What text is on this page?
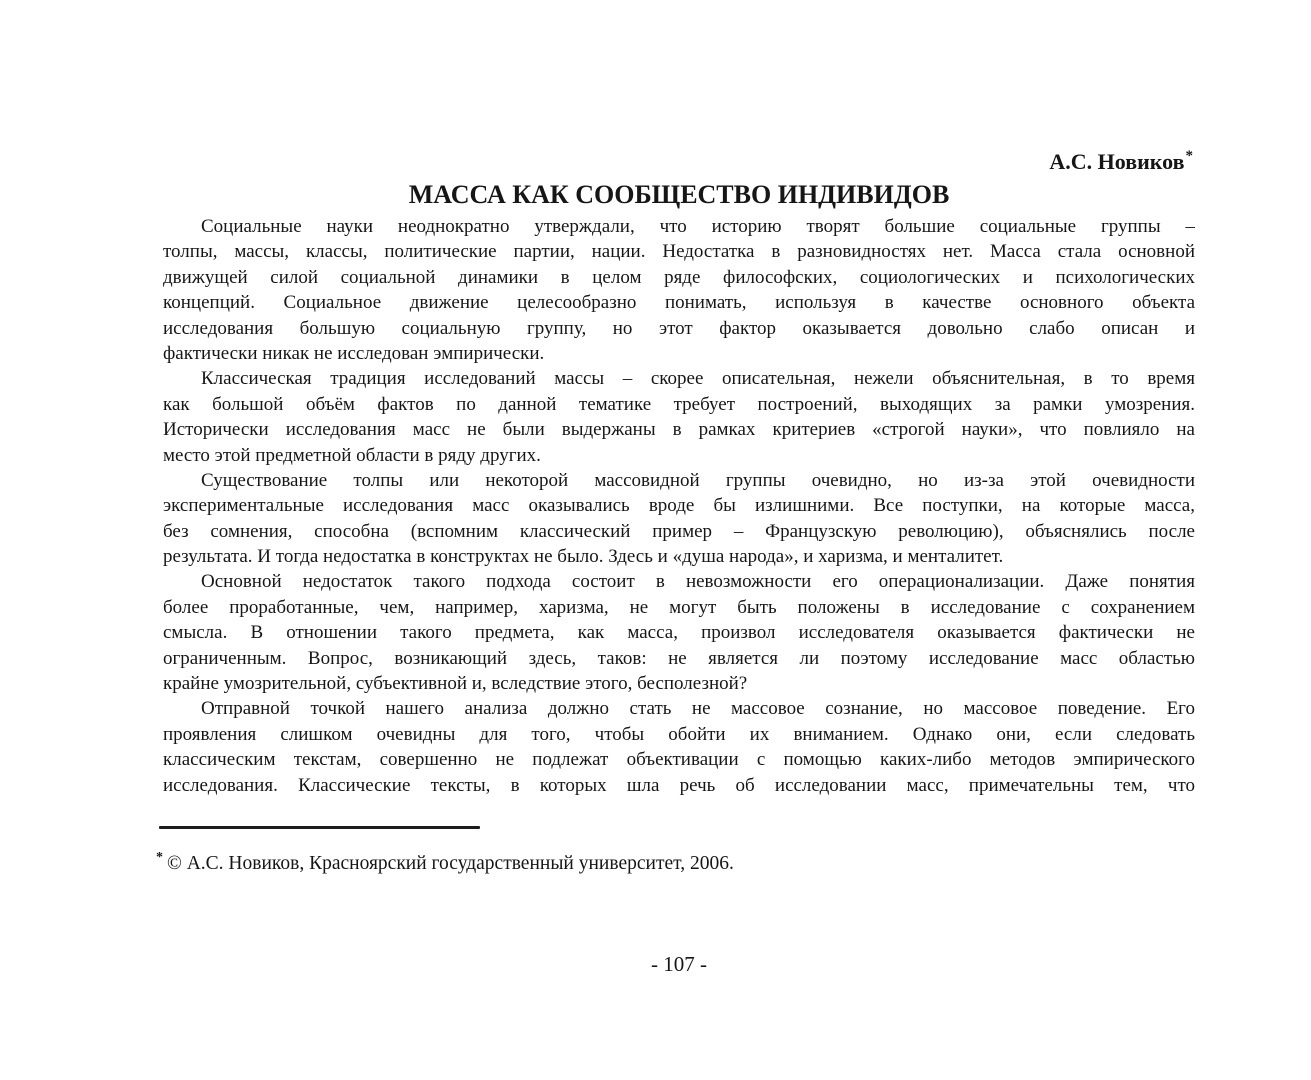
А.С. Новиков*
МАССА КАК СООБЩЕСТВО ИНДИВИДОВ
Социальные науки неоднократно утверждали, что историю творят большие социальные группы –
толпы, массы, классы, политические партии, нации. Недостатка в разновидностях нет. Масса стала основной
движущей силой социальной динамики в целом ряде философских, социологических и психологических
концепций. Социальное движение целесообразно понимать, используя в качестве основного объекта
исследования большую социальную группу, но этот фактор оказывается довольно слабо описан и
фактически никак не исследован эмпирически.
Классическая традиция исследований массы – скорее описательная, нежели объяснительная, в то время
как большой объём фактов по данной тематике требует построений, выходящих за рамки умозрения.
Исторически исследования масс не были выдержаны в рамках критериев «строгой науки», что повлияло на
место этой предметной области в ряду других.
Существование толпы или некоторой массовидной группы очевидно, но из-за этой очевидности
экспериментальные исследования масс оказывались вроде бы излишними. Все поступки, на которые масса,
без сомнения, способна (вспомним классический пример – Французскую революцию), объяснялись после
результата. И тогда недостатка в конструктах не было. Здесь и «душа народа», и харизма, и менталитет.
Основной недостаток такого подхода состоит в невозможности его операционализации. Даже понятия
более проработанные, чем, например, харизма, не могут быть положены в исследование с сохранением
смысла. В отношении такого предмета, как масса, произвол исследователя оказывается фактически не
ограниченным. Вопрос, возникающий здесь, таков: не является ли поэтому исследование масс областью
крайне умозрительной, субъективной и, вследствие этого, бесполезной?
Отправной точкой нашего анализа должно стать не массовое сознание, но массовое поведение. Его
проявления слишком очевидны для того, чтобы обойти их вниманием. Однако они, если следовать
классическим текстам, совершенно не подлежат объективации с помощью каких-либо методов эмпирического
исследования. Классические тексты, в которых шла речь об исследовании масс, примечательны тем, что
* © А.С. Новиков, Красноярский государственный университет, 2006.
- 107 -
